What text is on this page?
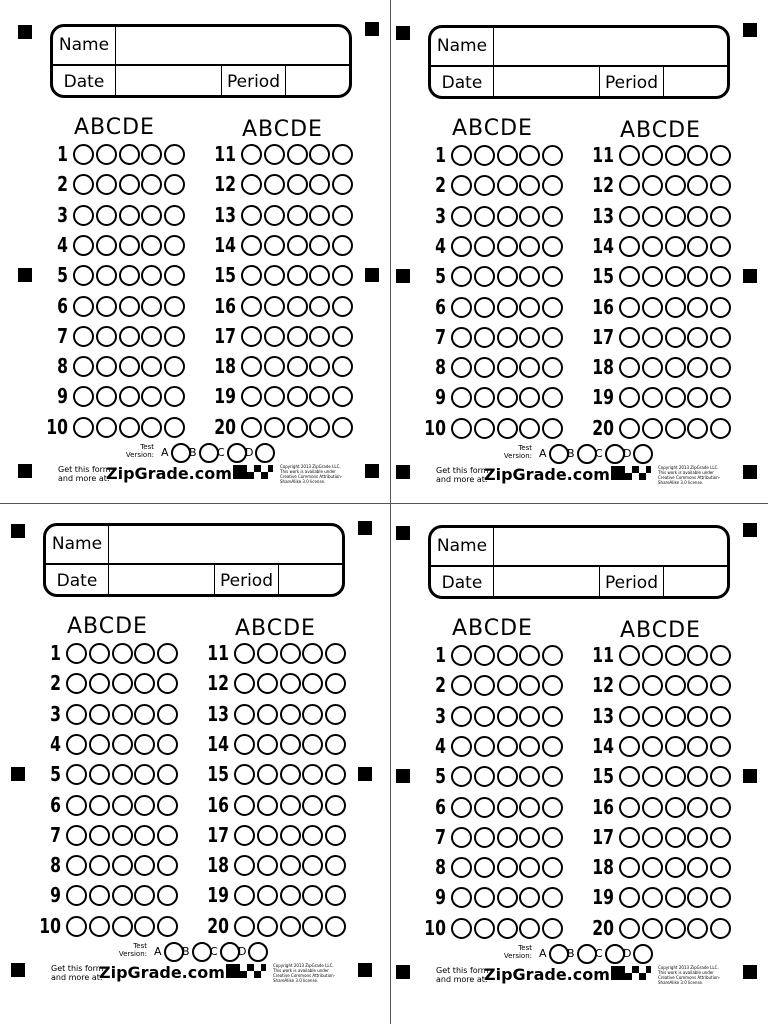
Name
Date	Period
ABCDE	ABCDE
1
2
3
4
5
6
7
8
9
10
11
12
13
14
15
16
17
18
19
20
Test
Version: A B C D
Get this form
and more at:
ZipGrade.com	Copyright 2013 ZipGrade LLC.
This work is available under
Creative Commons Attribution-
ShareAlike 3.0 license.
Name
Date	Period
ABCDE	ABCDE
1
2
3
4
5
6
7
8
9
10
11
12
13
14
15
16
17
18
19
20
Test
Version: A B C D
Get this form
and more at:
ZipGrade.com	Copyright 2013 ZipGrade LLC.
This work is available under
Creative Commons Attribution-
ShareAlike 3.0 license.
Name
Date	Period
ABCDE	ABCDE
1
2
3
4
5
6
7
8
9
10
11
12
13
14
15
16
17
18
19
20
Test
Version: A B C D
Get this form
and more at:
ZipGrade.com	Copyright 2013 ZipGrade LLC.
This work is available under
Creative Commons Attribution-
ShareAlike 3.0 license.
Name
Date	Period
ABCDE	ABCDE
1
2
3
4
5
6
7
8
9
10
11
12
13
14
15
16
17
18
19
20
Test
Version: A B C D
Get this form
and more at:
ZipGrade.com	Copyright 2013 ZipGrade LLC.
This work is available under
Creative Commons Attribution-
ShareAlike 3.0 license.
